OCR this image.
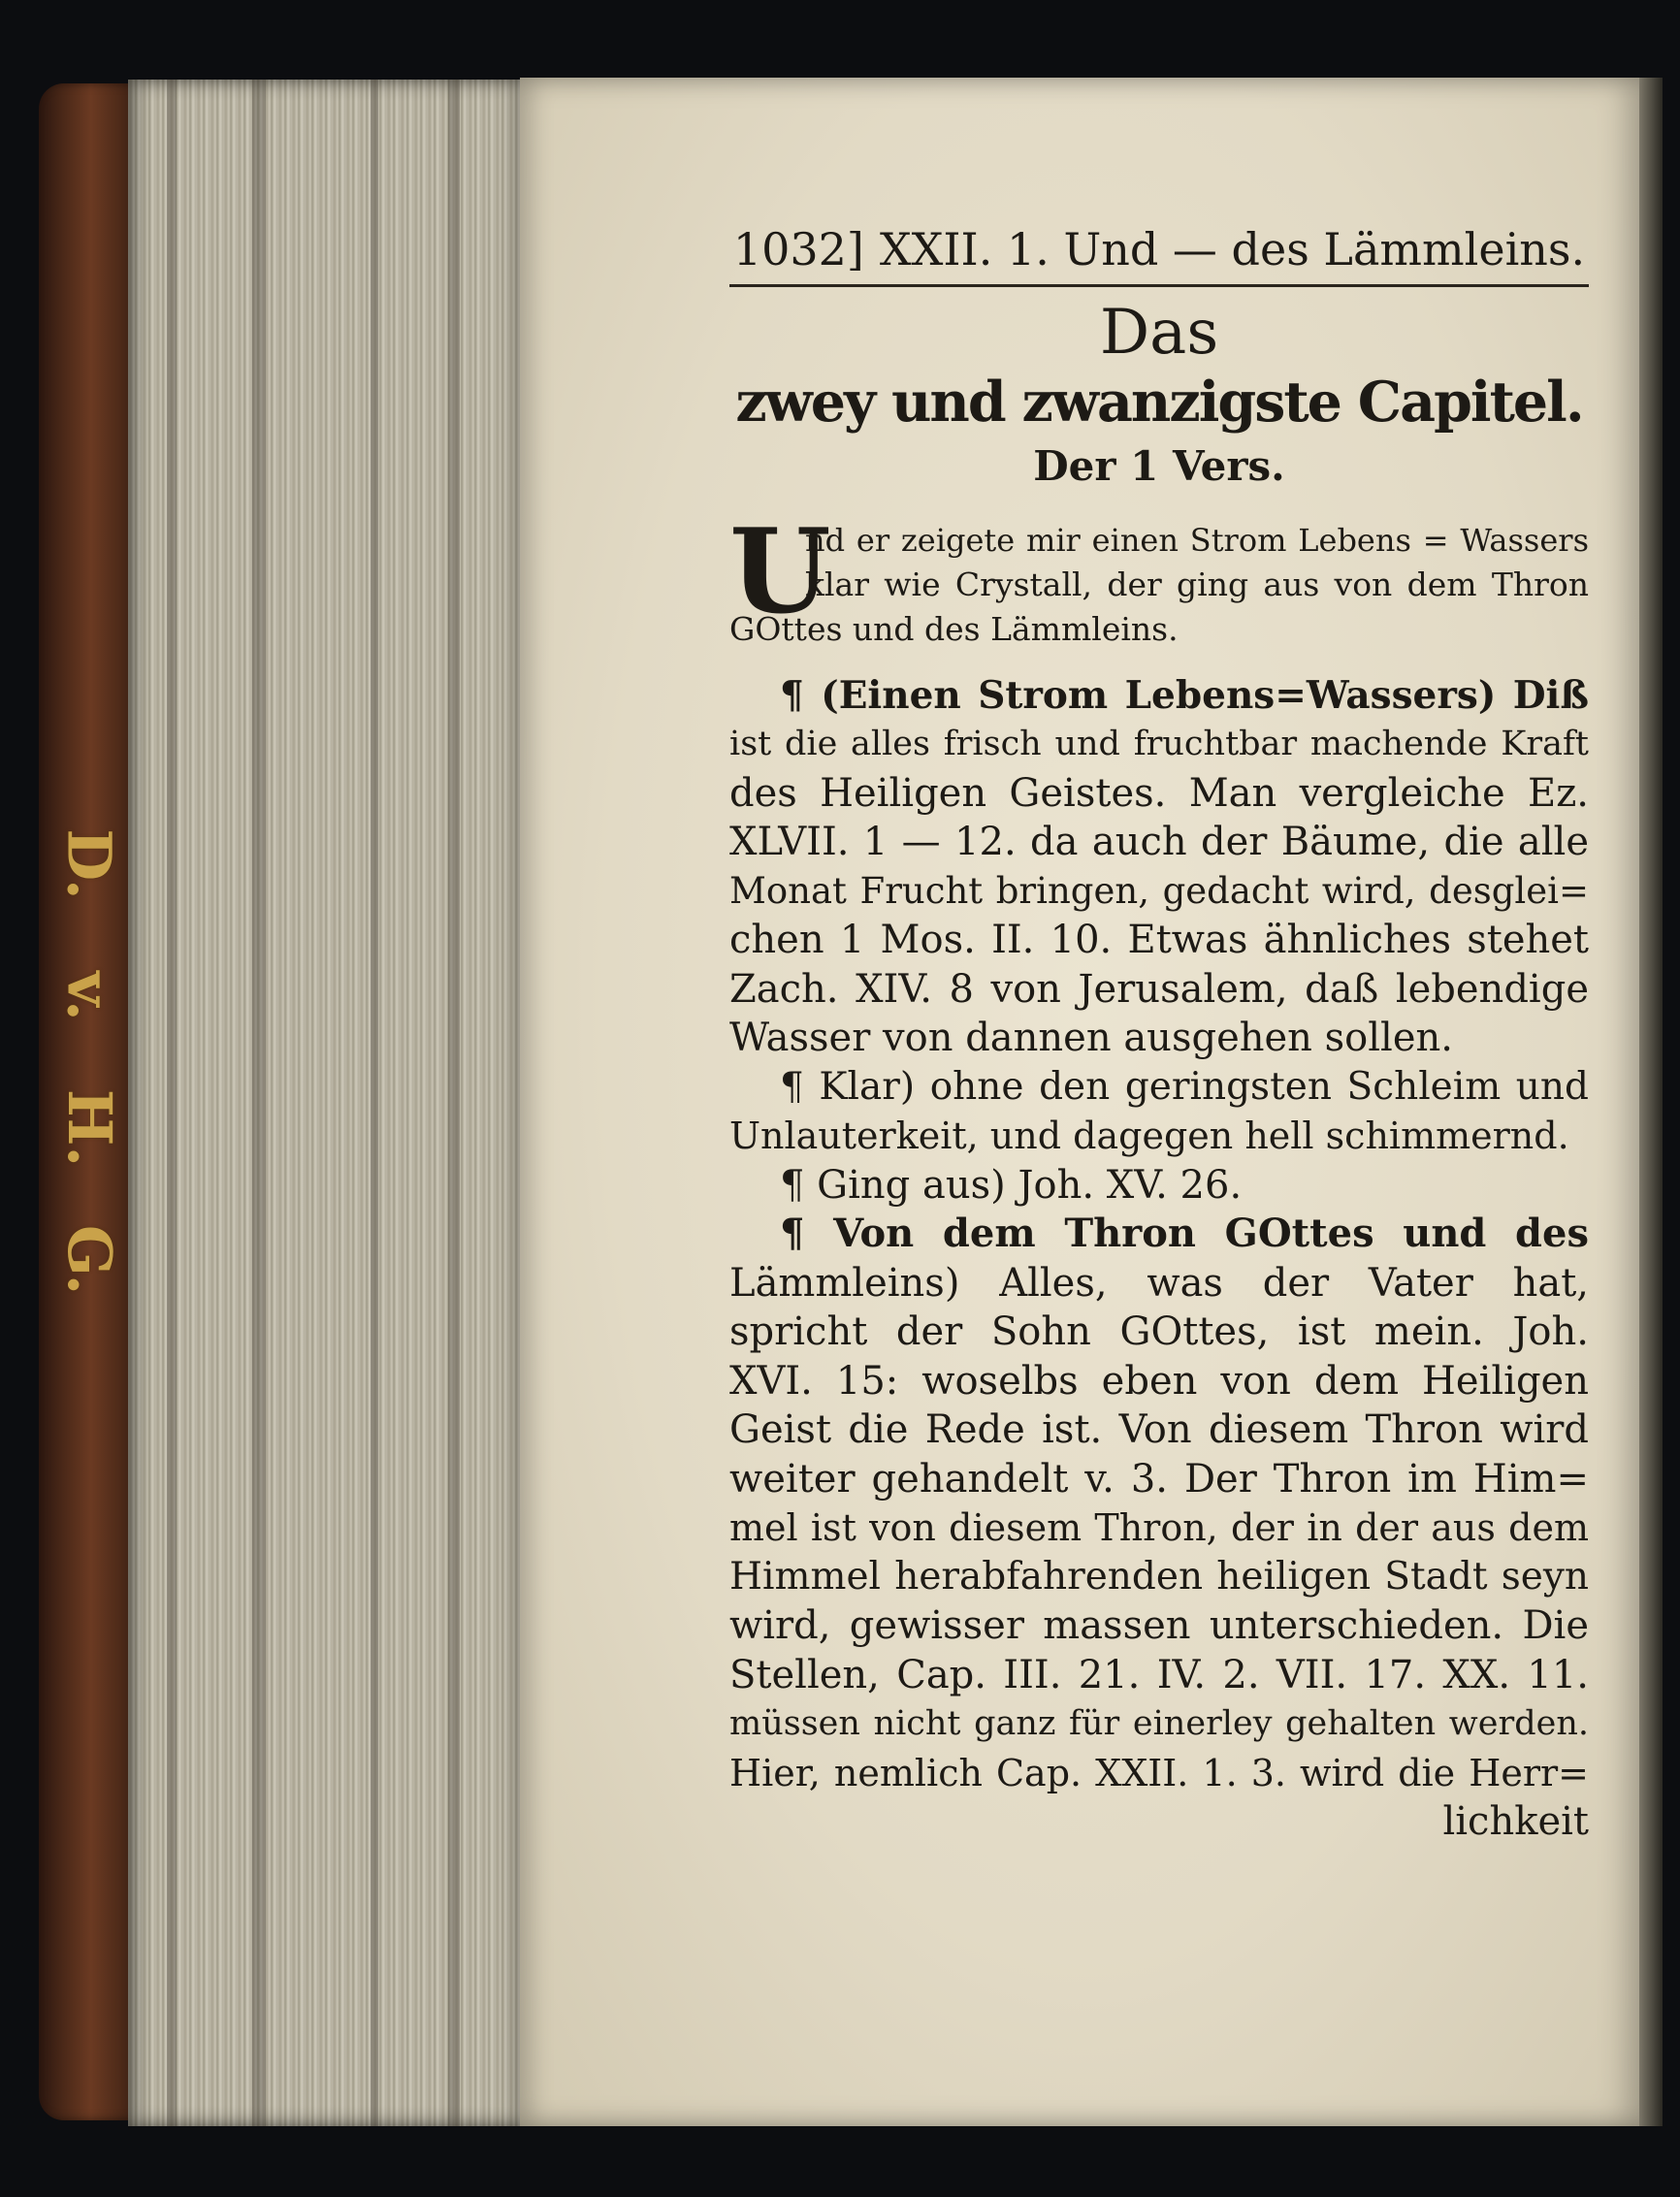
D.
v.
H.
G.
1032] XXII. 1. Und — des Lämmleins.
Das
zwey und zwanzigste Capitel.
Der 1 Vers.
U
nd er zeigete mir einen Strom Lebens = Wassers
klar wie Crystall, der ging aus von dem Thron
GOttes und des Lämmleins.
¶ (Einen Strom Lebens=Wassers) Diß
ist die alles frisch und fruchtbar machende Kraft
des Heiligen Geistes. Man vergleiche Ez.
XLVII. 1 — 12. da auch der Bäume, die alle
Monat Frucht bringen, gedacht wird, desglei=
chen 1 Mos. II. 10. Etwas ähnliches stehet
Zach. XIV. 8 von Jerusalem, daß lebendige
Wasser von dannen ausgehen sollen.
¶ Klar) ohne den geringsten Schleim und
Unlauterkeit, und dagegen hell schimmernd.
¶ Ging aus) Joh. XV. 26.
¶ Von dem Thron GOttes und des
Lämmleins) Alles, was der Vater hat,
spricht der Sohn GOttes, ist mein. Joh.
XVI. 15: woselbs eben von dem Heiligen
Geist die Rede ist. Von diesem Thron wird
weiter gehandelt v. 3. Der Thron im Him=
mel ist von diesem Thron, der in der aus dem
Himmel herabfahrenden heiligen Stadt seyn
wird, gewisser massen unterschieden. Die
Stellen, Cap. III. 21. IV. 2. VII. 17. XX. 11.
müssen nicht ganz für einerley gehalten werden.
Hier, nemlich Cap. XXII. 1. 3. wird die Herr=
lichkeit
